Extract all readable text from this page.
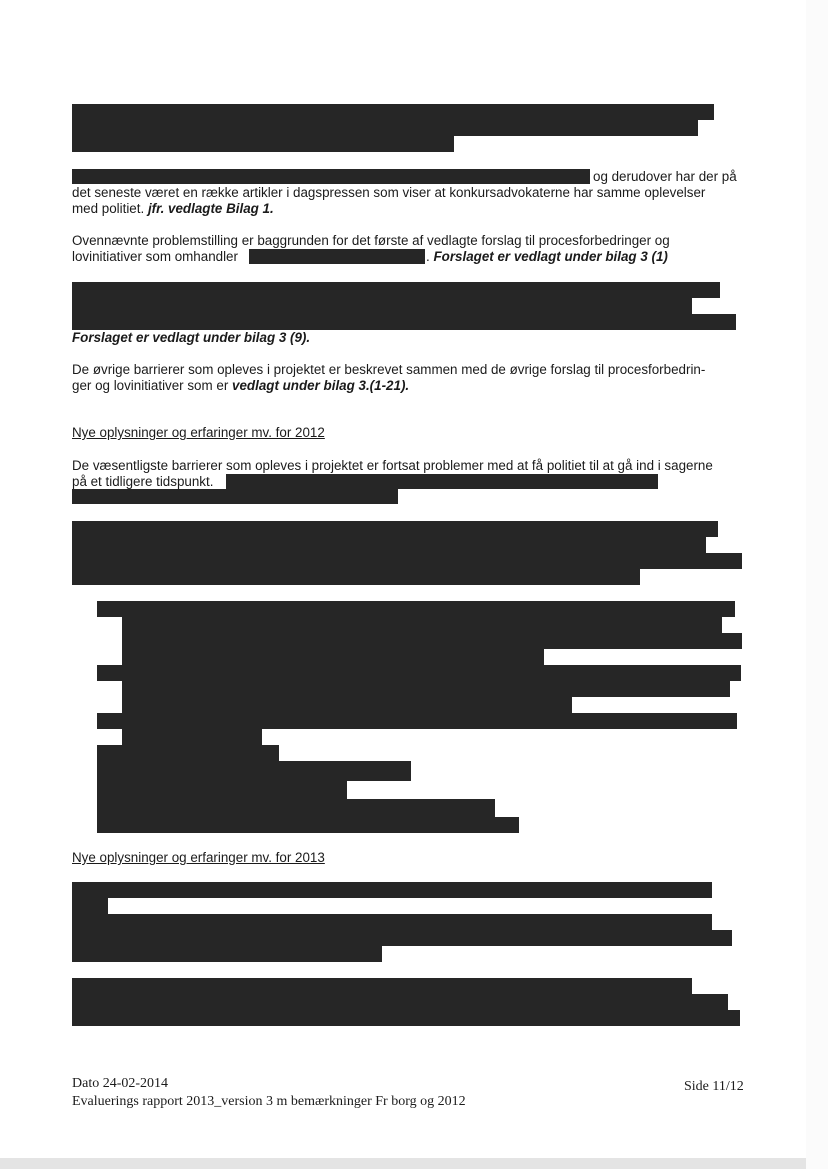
og derudover har der på
det seneste været en række artikler i dagspressen som viser at konkursadvokaterne har samme oplevelser
med politiet. jfr. vedlagte Bilag 1.
Ovennævnte problemstilling er baggrunden for det første af vedlagte forslag til procesforbedringer og
lovinitiativer som omhandler	. Forslaget er vedlagt under bilag 3 (1)
Forslaget er vedlagt under bilag 3 (9).
De øvrige barrierer som opleves i projektet er beskrevet sammen med de øvrige forslag til procesforbedrin-
ger og lovinitiativer som er vedlagt under bilag 3.(1-21).
Nye oplysninger og erfaringer mv. for 2012
De væsentligste barrierer som opleves i projektet er fortsat problemer med at få politiet til at gå ind i sagerne
på et tidligere tidspunkt.
Nye oplysninger og erfaringer mv. for 2013
Dato 24-02-2014
Evaluerings rapport 2013_version 3 m bemærkninger Fr borg og 2012
Side 11/12
